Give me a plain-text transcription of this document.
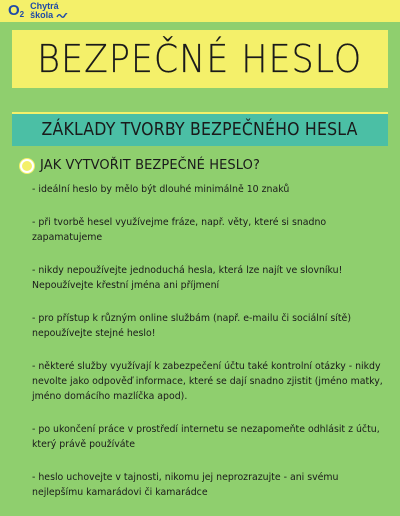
$O_2$
Chytrá
škola
BEZPEČNÉ HESLO
ZÁKLADY TVORBY BEZPEČNÉHO HESLA
JAK VYTVOŘIT BEZPEČNÉ HESLO?
- ideální heslo by mělo být dlouhé minimálně 10 znaků
- při tvorbě hesel využívejme fráze, např. věty, které si snadno zapamatujeme
- nikdy nepoužívejte jednoduchá hesla, která lze najít ve slovníku! Nepoužívejte křestní jména ani příjmení
- pro přístup k různým online službám (např. e-mailu či sociální sítě) nepoužívejte stejné heslo!
- některé služby využívají k zabezpečení účtu také kontrolní otázky - nikdy nevolte jako odpověď informace, které se dají snadno zjistit (jméno matky, jméno domácího mazlíčka apod).
- po ukončení práce v prostředí internetu se nezapomeňte odhlásit z účtu, který právě používáte
- heslo uchovejte v tajnosti, nikomu jej neprozrazujte - ani svému nejlepšímu kamarádovi či kamarádce
